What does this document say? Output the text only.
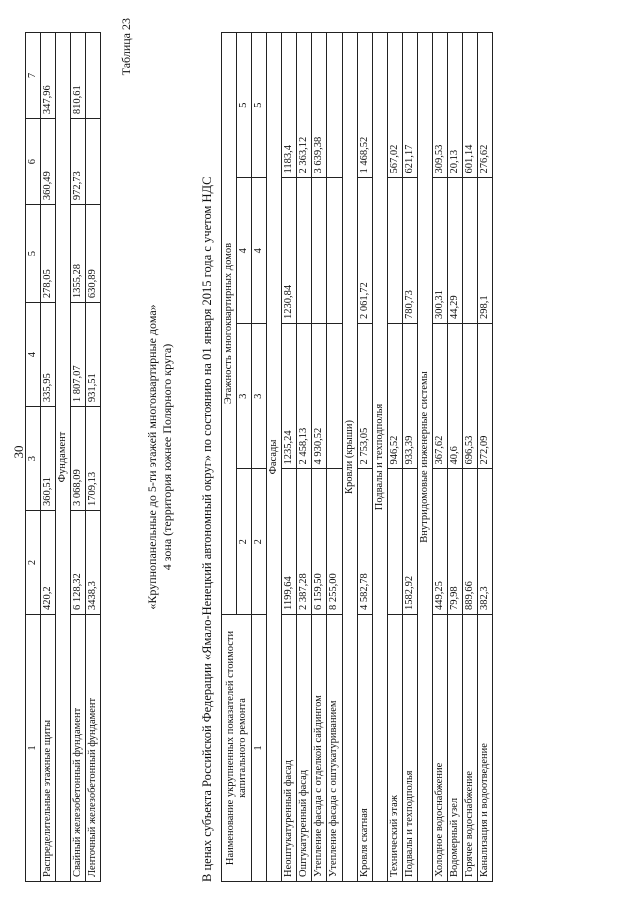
30
1	2	3	4	5	6	7
Распределительные этажные щиты	420,2	360,51	335,95	278,05	360,49	347,96
Фундамент						
Свайный железобетонный фундамент	6 128,32	3 068,09	1 807,07	1355,28	972,73	810,61
Ленточный железобетонный фундамент	3438,3	1709,13	931,51	630,89		
Таблица 23
«Крупнопанельные до 5-ти этажей многоквартирные дома» 4 зона (территория южнее Полярного круга) В ценах субъекта Российской Федерации «Ямало-Ненецкий автономный округ» по состоянию на 01 января 2015 года с учетом НДС Наименование укрупненных показателей стоимости капитального ремонта	Этажность многоквартирных домов			
	2	3	4	5
1	2	3	4	5
Фасады				
Неоштукатуренный фасад	1199,64	1235,24	1230,84	1183,4
Оштукатуренный фасад	2 387,28	2 458,13		2 363,12
Утепление фасада с отделкой сайдингом	6 159,50	4 930,52		3 639,38
Утепление фасада с оштукатуриванием	8 255,00			
Кровли (крыши)				
Кровля скатная	4 582,78	2 753,05	2 061,72	1 468,52
Подвалы и техподполья				
Технический этаж		946,52		567,02
Подвалы и техподполья	1582,92	933,39	780,73	621,17
Внутридомовые инженерные системы				
Холодное водоснабжение	449,25	367,62	300,31	309,53
Водомерный узел	79,98	40,6	44,29	20,13
Горячее водоснабжение	889,66	696,53		601,14
Канализация и водоотведение	382,3	272,09	298,1	276,62
